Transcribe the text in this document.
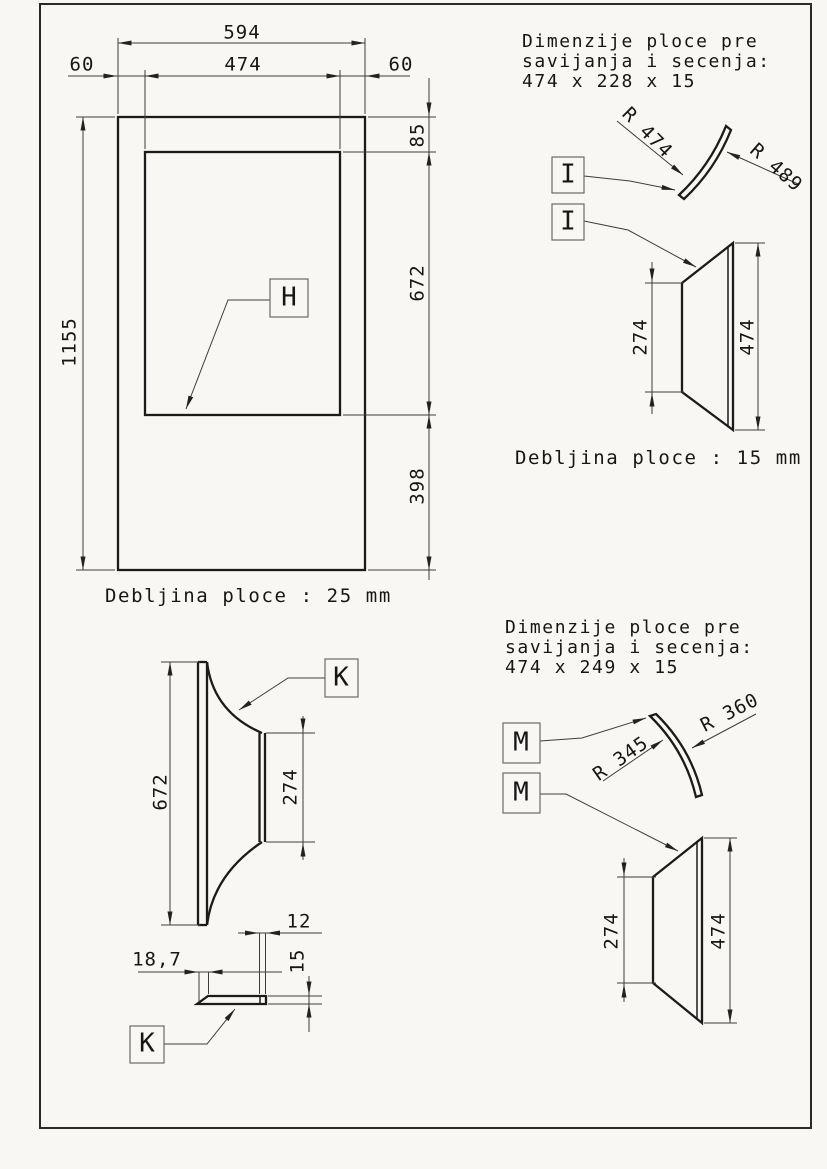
594
474
60	60
1155
85
672
398
H
Debljina ploce : 25 mm
Dimenzije ploce pre
savijanja i secenja:
474 x 228 x 15
R 474
R 489
I
I
274	474
Debljina ploce : 15 mm
K
K
672	274
12
18,7	15
Dimenzije ploce pre
savijanja i secenja:
474 x 249 x 15
R 345
R 360
M
M
274	474
